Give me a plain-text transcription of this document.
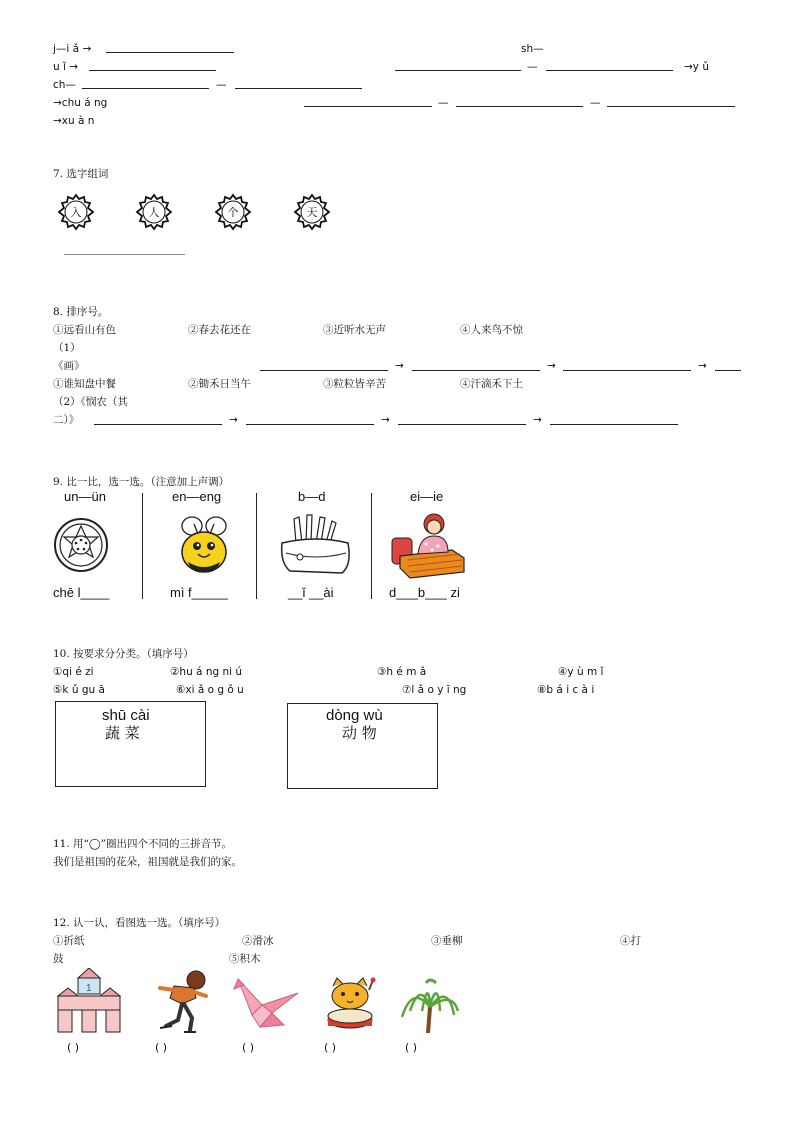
j—i ǎ →	sh—
u ǐ →	—	→y ǔ
ch—	—
→chu á ng	—	—
→xu à n
7. 选字组词
入	人	个	天
8. 排序号。
①远看山有色	②春去花还在	③近听水无声	④人来鸟不惊
（1）
《画》	→	→	→
①谁知盘中餐	②锄禾日当午	③粒粒皆辛苦	④汗滴禾下土
（2）《悯农（其
二）》	→	→	→
9. 比一比，选一选。（注意加上声调）
un—ün	en—eng	b—d	ei—ie
chē l____	mì f_____	__ǐ __ài	d___b___ zi
10. 按要求分分类。（填序号）
①qi é zi	②hu á ng ni ú	③h é m ǎ	④y ù m ǐ
⑤k ǔ gu ā	⑥xi ǎ o g ǒ u	⑦l ǎ o y ī ng	⑧b á i c à i
shū cài
蔬 菜
dòng wù
动 物
11. 用“◯”圈出四个不同的三拼音节。
我们是祖国的花朵，祖国就是我们的家。
12. 认一认，看图选一选。（填序号）
①折纸	②滑冰	③垂柳	④打
鼓	⑤积木
1
( )	( )	( )	( )	( )
